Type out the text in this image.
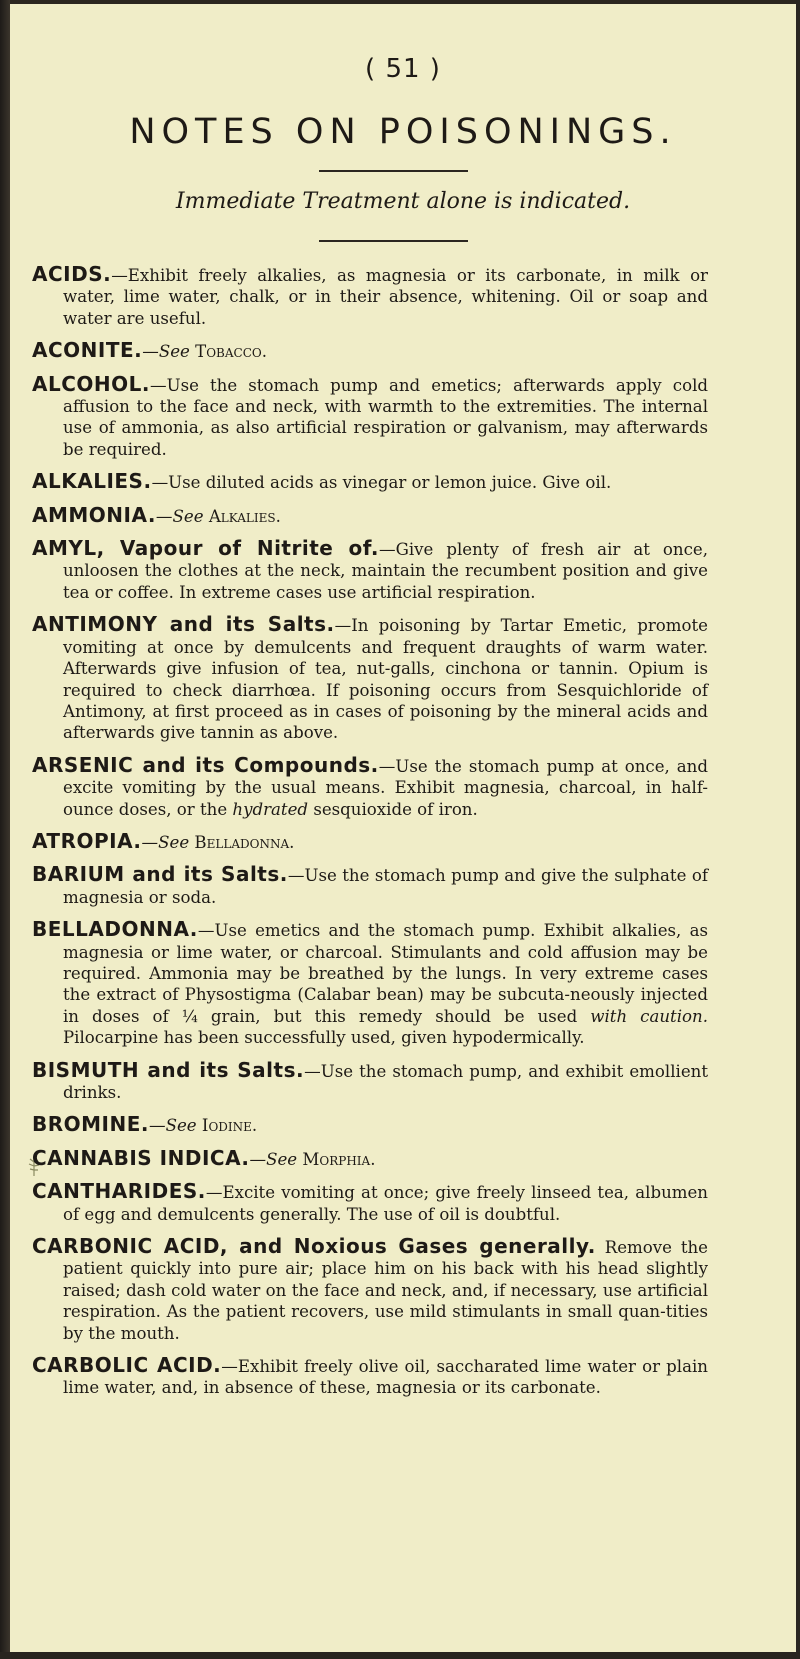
( 51 )
NOTES ON POISONINGS.
Immediate Treatment alone is indicated.

ACIDS.—Exhibit freely alkalies, as magnesia or its carbonate, in milk or water, lime water, chalk, or in their absence, whitening. Oil or soap and water are useful.

ACONITE.—See Tobacco.

ALCOHOL.—Use the stomach pump and emetics; afterwards apply cold affusion to the face and neck, with warmth to the extremities. The internal use of ammonia, as also artificial respiration or galvanism, may afterwards be required.

ALKALIES.—Use diluted acids as vinegar or lemon juice. Give oil.

AMMONIA.—See Alkalies.

AMYL, Vapour of Nitrite of.—Give plenty of fresh air at once, unloosen the clothes at the neck, maintain the recumbent position and give tea or coffee. In extreme cases use artificial respiration.

ANTIMONY and its Salts.—In poisoning by Tartar Emetic, promote vomiting at once by demulcents and frequent draughts of warm water. Afterwards give infusion of tea, nut-galls, cinchona or tannin. Opium is required to check diarrhœa. If poisoning occurs from Sesquichloride of Antimony, at first proceed as in cases of poisoning by the mineral acids and afterwards give tannin as above.

ARSENIC and its Compounds.—Use the stomach pump at once, and excite vomiting by the usual means. Exhibit magnesia, charcoal, in half-ounce doses, or the hydrated sesquioxide of iron.

ATROPIA.—See Belladonna.

BARIUM and its Salts.—Use the stomach pump and give the sulphate of magnesia or soda.

BELLADONNA.—Use emetics and the stomach pump. Exhibit alkalies, as magnesia or lime water, or charcoal. Stimulants and cold affusion may be required. Ammonia may be breathed by the lungs. In very extreme cases the extract of Physostigma (Calabar bean) may be subcuta-neously injected in doses of ¼ grain, but this remedy should be used with caution. Pilocarpine has been successfully used, given hypodermically.

BISMUTH and its Salts.—Use the stomach pump, and exhibit emollient drinks.

BROMINE.—See Iodine.

CANNABIS INDICA.—See Morphia.

CANTHARIDES.—Excite vomiting at once; give freely linseed tea, albumen of egg and demulcents generally. The use of oil is doubtful.

CARBONIC ACID, and Noxious Gases generally. Remove the patient quickly into pure air; place him on his back with his head slightly raised; dash cold water on the face and neck, and, if necessary, use artificial respiration. As the patient recovers, use mild stimulants in small quan-tities by the mouth.

CARBOLIC ACID.—Exhibit freely olive oil, saccharated lime water or plain lime water, and, in absence of these, magnesia or its carbonate.
